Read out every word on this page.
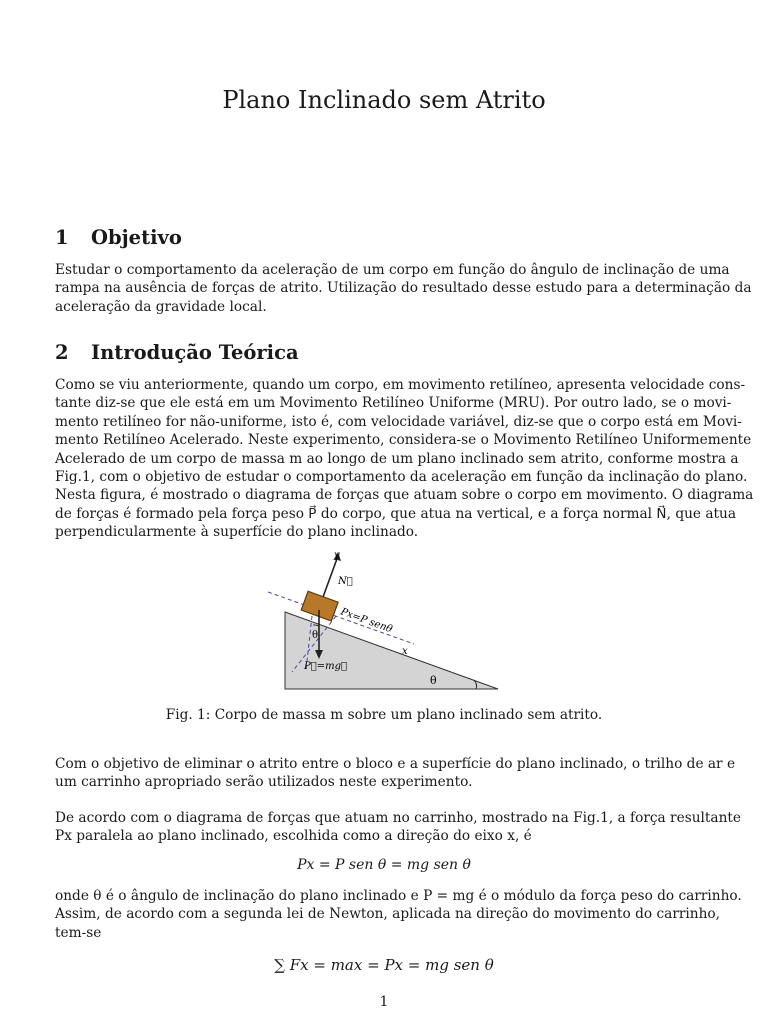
Plano Inclinado sem Atrito
1 Objetivo
Estudar o comportamento da aceleração de um corpo em função do ângulo de inclinação de uma
rampa na ausência de forças de atrito. Utilização do resultado desse estudo para a determinação da
aceleração da gravidade local.
2 Introdução Teórica
Como se viu anteriormente, quando um corpo, em movimento retilíneo, apresenta velocidade cons-
tante diz-se que ele está em um Movimento Retilíneo Uniforme (MRU). Por outro lado, se o movi-
mento retilíneo for não-uniforme, isto é, com velocidade variável, diz-se que o corpo está em Movi-
mento Retilíneo Acelerado. Neste experimento, considera-se o Movimento Retilíneo Uniformemente
Acelerado de um corpo de massa m ao longo de um plano inclinado sem atrito, conforme mostra a
Fig.1, com o objetivo de estudar o comportamento da aceleração em função da inclinação do plano.
Nesta figura, é mostrado o diagrama de forças que atuam sobre o corpo em movimento. O diagrama
de forças é formado pela força peso P⃗ do corpo, que atua na vertical, e a força normal N⃗, que atua
perpendicularmente à superfície do plano inclinado.
y
N⃗
Px=P senθ
θ
P⃗=mg⃗
x
θ
Fig. 1: Corpo de massa m sobre um plano inclinado sem atrito.
Com o objetivo de eliminar o atrito entre o bloco e a superfície do plano inclinado, o trilho de ar e
um carrinho apropriado serão utilizados neste experimento.
De acordo com o diagrama de forças que atuam no carrinho, mostrado na Fig.1, a força resultante
Px paralela ao plano inclinado, escolhida como a direção do eixo x, é
Px = P sen θ = mg sen θ
onde θ é o ângulo de inclinação do plano inclinado e P = mg é o módulo da força peso do carrinho.
Assim, de acordo com a segunda lei de Newton, aplicada na direção do movimento do carrinho,
tem-se
∑ Fx = max = Px = mg sen θ
1
